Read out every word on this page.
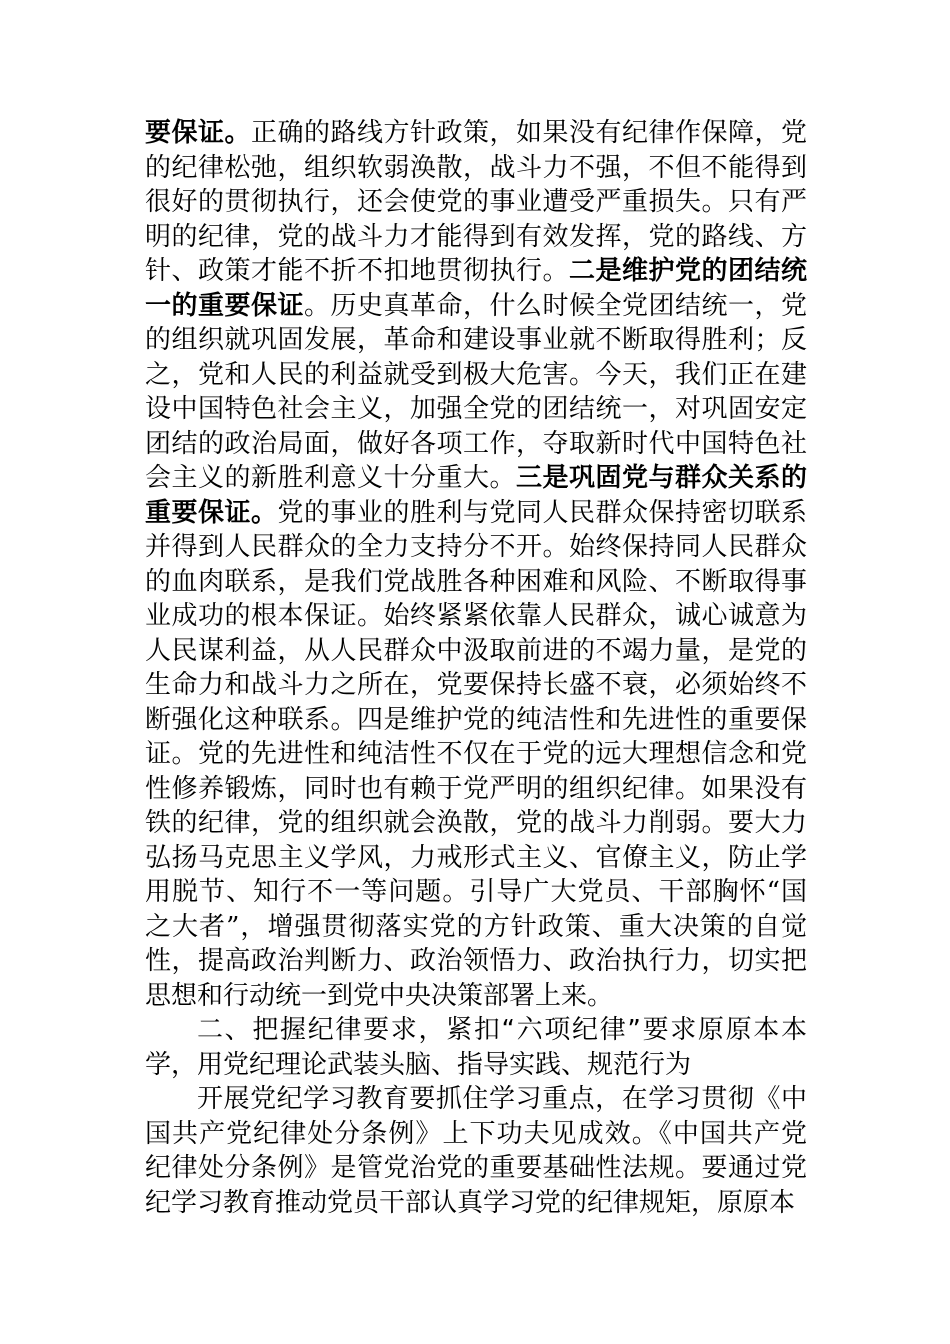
要保证。正确的路线方针政策，如果没有纪律作保障，党的纪律松弛，组织软弱涣散，战斗力不强，不但不能得到很好的贯彻执行，还会使党的事业遭受严重损失。只有严明的纪律，党的战斗力才能得到有效发挥，党的路线、方针、政策才能不折不扣地贯彻执行。二是维护党的团结统一的重要保证。历史真革命，什么时候全党团结统一，党的组织就巩固发展，革命和建设事业就不断取得胜利；反之，党和人民的利益就受到极大危害。今天，我们正在建设中国特色社会主义，加强全党的团结统一，对巩固安定团结的政治局面，做好各项工作，夺取新时代中国特色社会主义的新胜利意义十分重大。三是巩固党与群众关系的重要保证。党的事业的胜利与党同人民群众保持密切联系并得到人民群众的全力支持分不开。始终保持同人民群众的血肉联系，是我们党战胜各种困难和风险、不断取得事业成功的根本保证。始终紧紧依靠人民群众，诚心诚意为人民谋利益，从人民群众中汲取前进的不竭力量，是党的生命力和战斗力之所在，党要保持长盛不衰，必须始终不断强化这种联系。四是维护党的纯洁性和先进性的重要保证。党的先进性和纯洁性不仅在于党的远大理想信念和党性修养锻炼，同时也有赖于党严明的组织纪律。如果没有铁的纪律，党的组织就会涣散，党的战斗力削弱。要大力弘扬马克思主义学风，力戒形式主义、官僚主义，防止学用脱节、知行不一等问题。引导广大党员、干部胸怀“国之大者”，增强贯彻落实党的方针政策、重大决策的自觉性，提高政治判断力、政治领悟力、政治执行力，切实把思想和行动统一到党中央决策部署上来。

二、把握纪律要求，紧扣“六项纪律”要求原原本本学，用党纪理论武装头脑、指导实践、规范行为

开展党纪学习教育要抓住学习重点，在学习贯彻《中国共产党纪律处分条例》上下功夫见成效。《中国共产党纪律处分条例》是管党治党的重要基础性法规。要通过党纪学习教育推动党员干部认真学习党的纪律规矩，原原本
